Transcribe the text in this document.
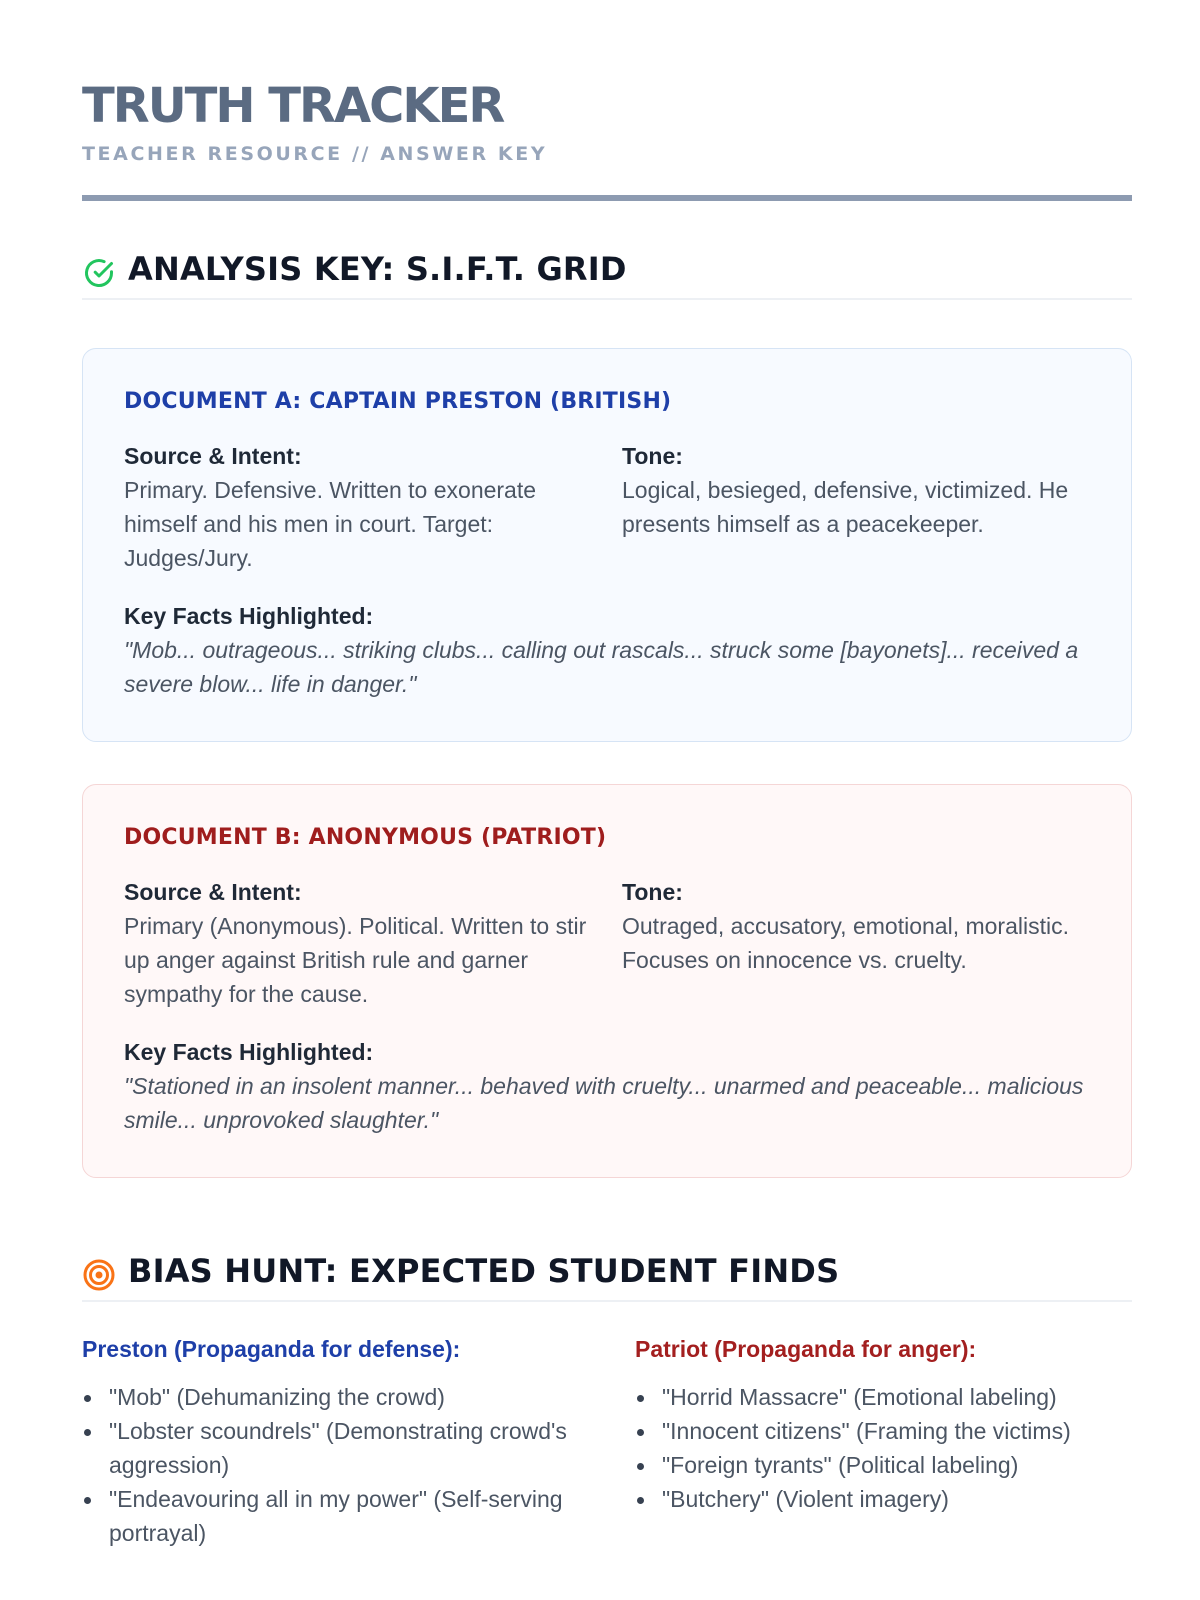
TRUTH TRACKER
TEACHER RESOURCE // ANSWER KEY
ANALYSIS KEY: S.I.F.T. GRID
DOCUMENT A: CAPTAIN PRESTON (BRITISH)
Source & Intent:
Primary. Defensive. Written to exonerate himself and his men in court. Target: Judges/Jury.
Tone:
Logical, besieged, defensive, victimized. He presents himself as a peacekeeper.
Key Facts Highlighted:
"Mob... outrageous... striking clubs... calling out rascals... struck some [bayonets]... received a severe blow... life in danger."
DOCUMENT B: ANONYMOUS (PATRIOT)
Source & Intent:
Primary (Anonymous). Political. Written to stir up anger against British rule and garner sympathy for the cause.
Tone:
Outraged, accusatory, emotional, moralistic. Focuses on innocence vs. cruelty.
Key Facts Highlighted:
"Stationed in an insolent manner... behaved with cruelty... unarmed and peaceable... malicious smile... unprovoked slaughter."
BIAS HUNT: EXPECTED STUDENT FINDS
Preston (Propaganda for defense):
"Mob" (Dehumanizing the crowd)
"Lobster scoundrels" (Demonstrating crowd's aggression)
"Endeavouring all in my power" (Self-serving portrayal)
Patriot (Propaganda for anger):
"Horrid Massacre" (Emotional labeling)
"Innocent citizens" (Framing the victims)
"Foreign tyrants" (Political labeling)
"Butchery" (Violent imagery)
